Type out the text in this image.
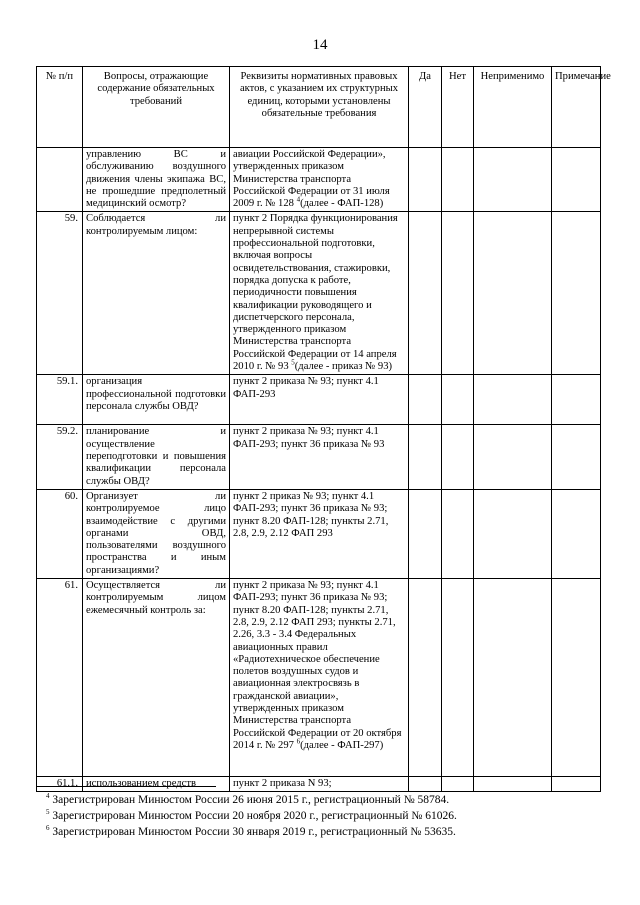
14
№ п/п	Вопросы, отражающие содержание обязательных требований	Реквизиты нормативных правовых актов, с указанием их структурных единиц, которыми установлены обязательные требования	Да	Нет	Неприменимо	Примечание
	управлению ВС и обслуживанию воздушного движения члены экипажа ВС, не прошедшие предполетный медицинский осмотр?	авиации Российской Федерации», утвержденных приказом Министерства транспорта Российской Федерации от 31 июля 2009 г. № 128 $^4$(далее - ФАП-128)				
59.	Соблюдается ли контролируемым лицом:	пункт 2 Порядка функционирования непрерывной системы профессиональной подготовки, включая вопросы освидетельствования, стажировки, порядка допуска к работе, периодичности повышения квалификации руководящего и диспетчерского персонала, утвержденного приказом Министерства транспорта Российской Федерации от 14 апреля 2010 г. № 93 $^5$(далее - приказ № 93)				
59.1.	организация профессиональной подготовки персонала службы ОВД?	пункт 2 приказа № 93; пункт 4.1 ФАП-293				
59.2.	планирование и осуществление переподготовки и повышения квалификации персонала службы ОВД?	пункт 2 приказа № 93; пункт 4.1 ФАП-293; пункт 36 приказа № 93				
60.	Организует ли контролируемое лицо взаимодействие с другими органами ОВД, пользователями воздушного пространства и иным организациями?	пункт 2 приказ № 93; пункт 4.1 ФАП-293; пункт 36 приказа № 93; пункт 8.20 ФАП-128; пункты 2.71, 2.8, 2.9, 2.12 ФАП 293				
61.	Осуществляется ли контролируемым лицом ежемесячный контроль за:	пункт 2 приказа № 93; пункт 4.1 ФАП-293; пункт 36 приказа № 93; пункт 8.20 ФАП-128; пункты 2.71, 2.8, 2.9, 2.12 ФАП 293; пункты 2.71, 2.26, 3.3 - 3.4 Федеральных авиационных правил «Радиотехническое обеспечение полетов воздушных судов и авиационная электросвязь в гражданской авиации», утвержденных приказом Министерства транспорта Российской Федерации от 20 октября 2014 г. № 297 $^6$(далее - ФАП-297)				
61.1.	использованием средств	пункт 2 приказа N 93;				
$^4$ Зарегистрирован Минюстом России 26 июня 2015 г., регистрационный № 58784.
$^5$ Зарегистрирован Минюстом России 20 ноября 2020 г., регистрационный № 61026.
$^6$ Зарегистрирован Минюстом России 30 января 2019 г., регистрационный № 53635.
